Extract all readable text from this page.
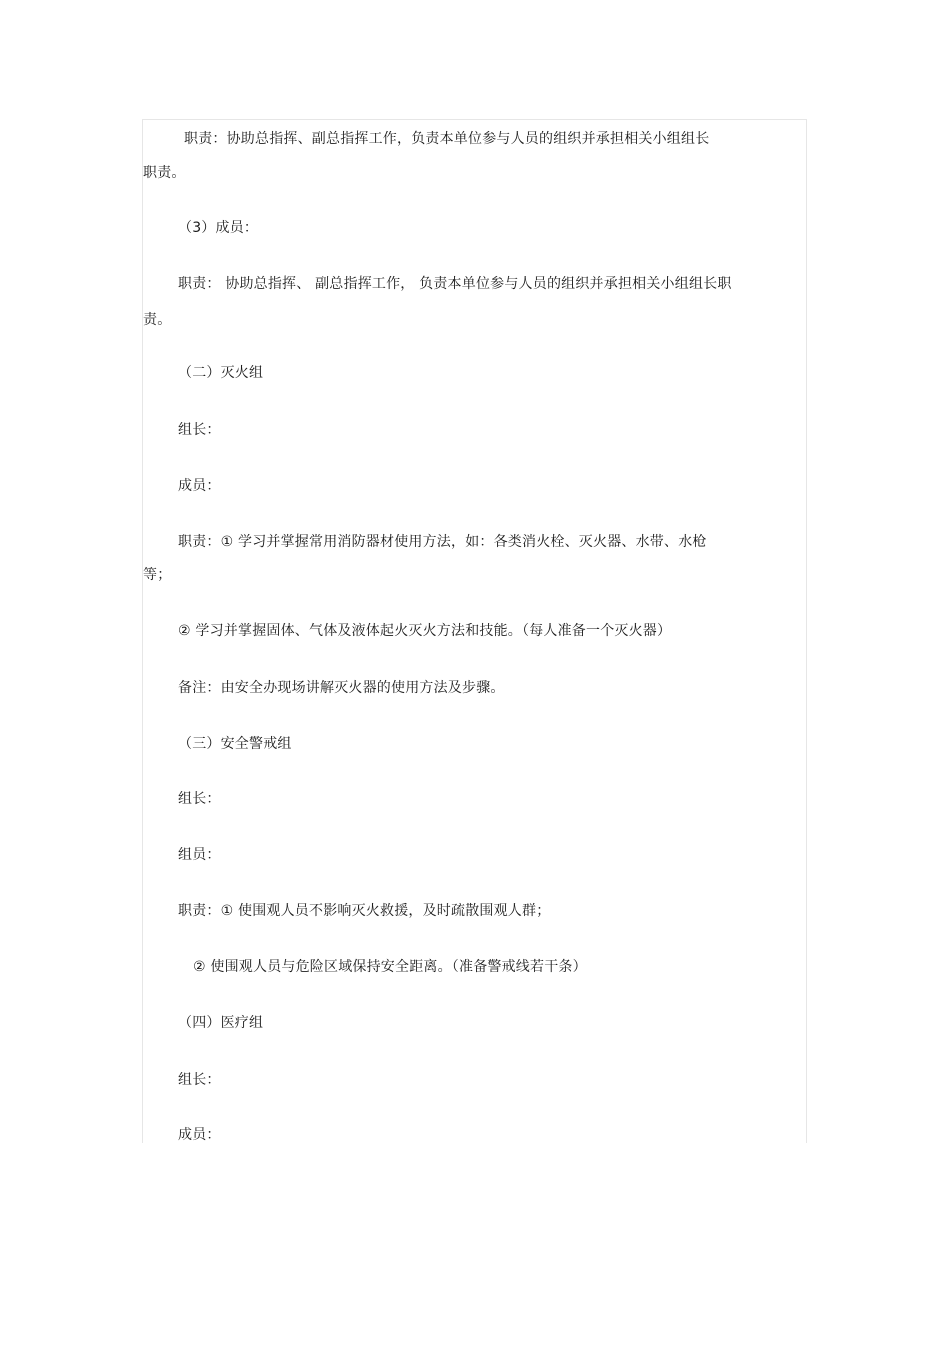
职责：协助总指挥、副总指挥工作，负责本单位参与人员的组织并承担相关小组组长
职责。
（3）成员：
职责： 协助总指挥、 副总指挥工作， 负责本单位参与人员的组织并承担相关小组组长职
责。
（二）灭火组
组长：
成员：
职责：① 学习并掌握常用消防器材使用方法，如：各类消火栓、灭火器、水带、水枪
等；
② 学习并掌握固体、气体及液体起火灭火方法和技能。（每人准备一个灭火器）
备注：由安全办现场讲解灭火器的使用方法及步骤。
（三）安全警戒组
组长：
组员：
职责：① 使围观人员不影响灭火救援，及时疏散围观人群；
② 使围观人员与危险区域保持安全距离。（准备警戒线若干条）
（四）医疗组
组长：
成员：
